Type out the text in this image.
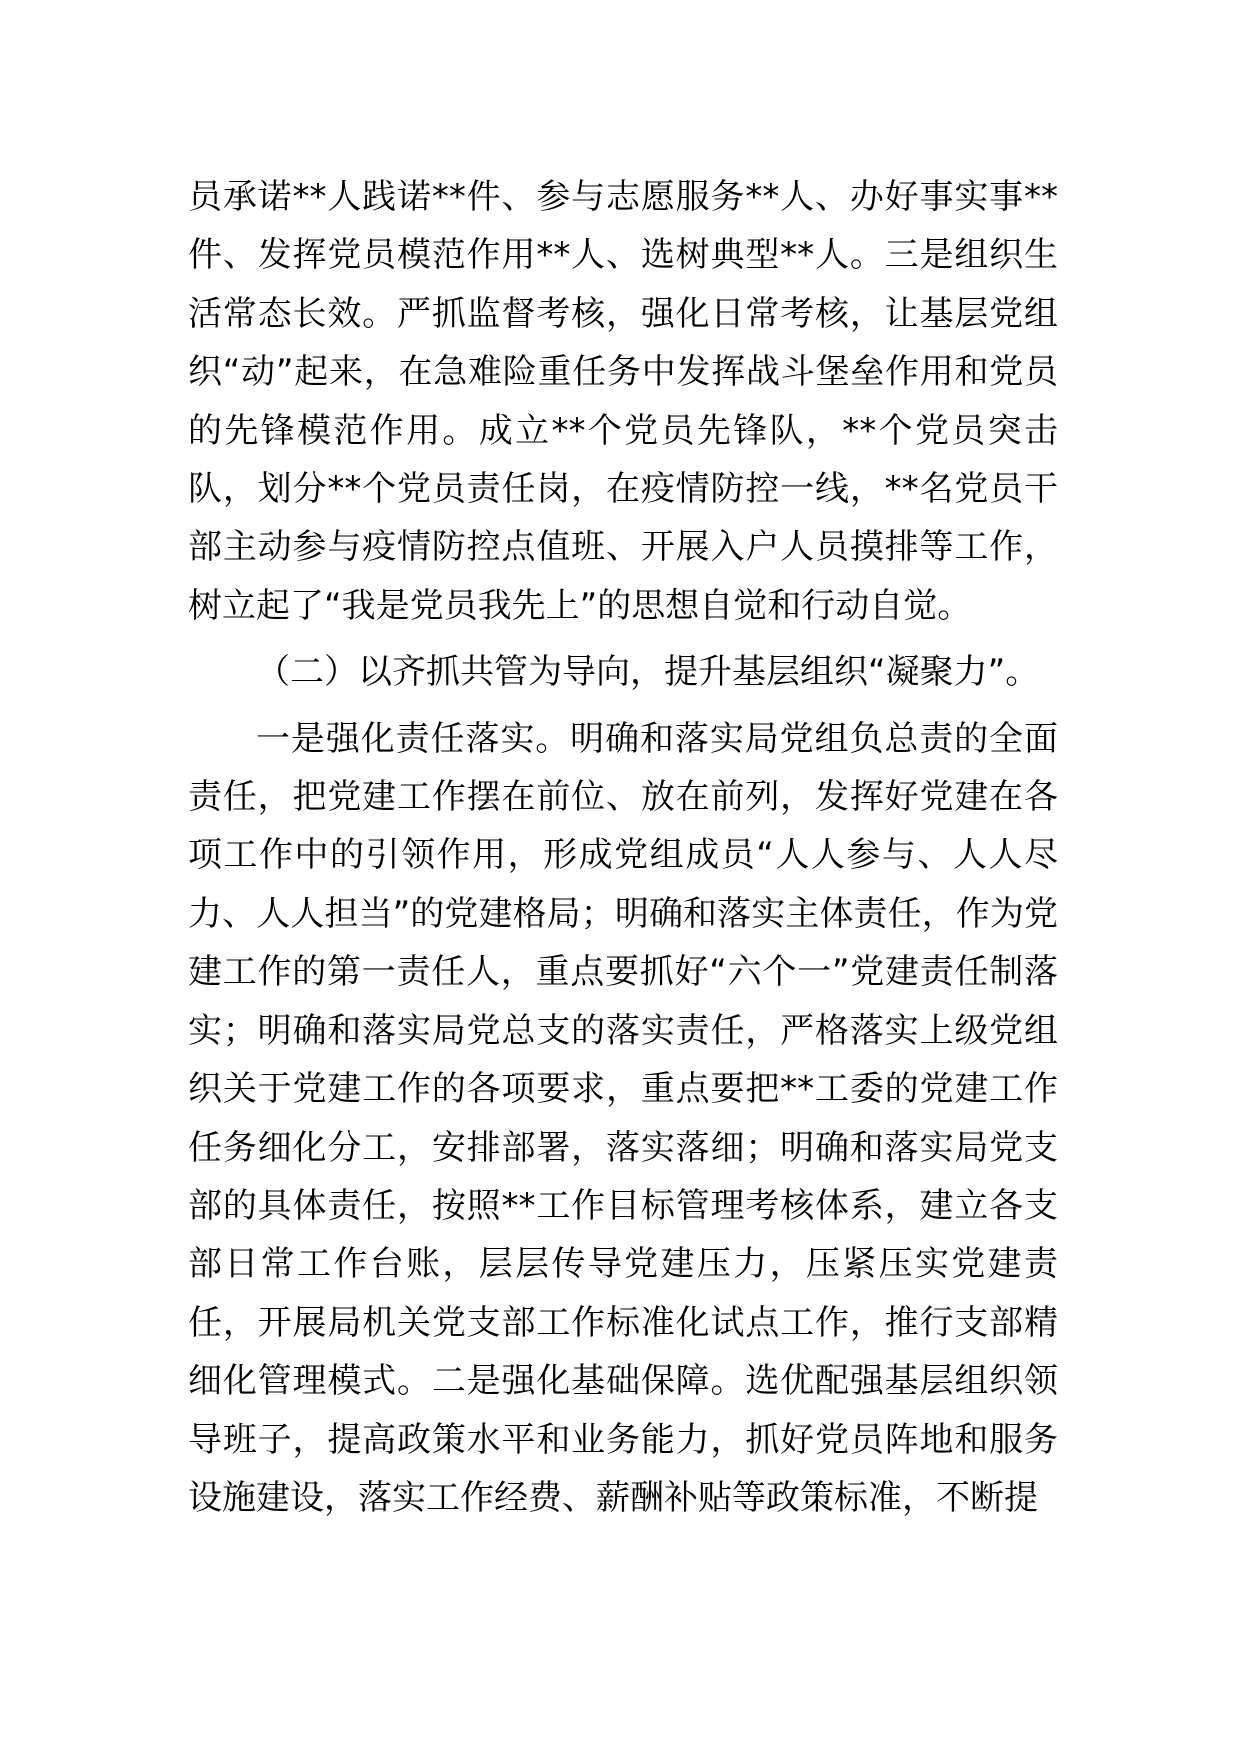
员承诺**人践诺**件、参与志愿服务**人、办好事实事**件、发挥党员模范作用**人、选树典型**人。三是组织生活常态长效。严抓监督考核，强化日常考核，让基层党组织“动”起来，在急难险重任务中发挥战斗堡垒作用和党员的先锋模范作用。成立**个党员先锋队，**个党员突击队，划分**个党员责任岗，在疫情防控一线，**名党员干部主动参与疫情防控点值班、开展入户人员摸排等工作，树立起了“我是党员我先上”的思想自觉和行动自觉。

（二）以齐抓共管为导向，提升基层组织“凝聚力”。

一是强化责任落实。明确和落实局党组负总责的全面责任，把党建工作摆在前位、放在前列，发挥好党建在各项工作中的引领作用，形成党组成员“人人参与、人人尽力、人人担当”的党建格局；明确和落实主体责任，作为党建工作的第一责任人，重点要抓好“六个一”党建责任制落实；明确和落实局党总支的落实责任，严格落实上级党组织关于党建工作的各项要求，重点要把**工委的党建工作任务细化分工，安排部署，落实落细；明确和落实局党支部的具体责任，按照**工作目标管理考核体系，建立各支部日常工作台账，层层传导党建压力，压紧压实党建责任，开展局机关党支部工作标准化试点工作，推行支部精细化管理模式。二是强化基础保障。选优配强基层组织领导班子，提高政策水平和业务能力，抓好党员阵地和服务设施建设，落实工作经费、薪酬补贴等政策标准，不断提
